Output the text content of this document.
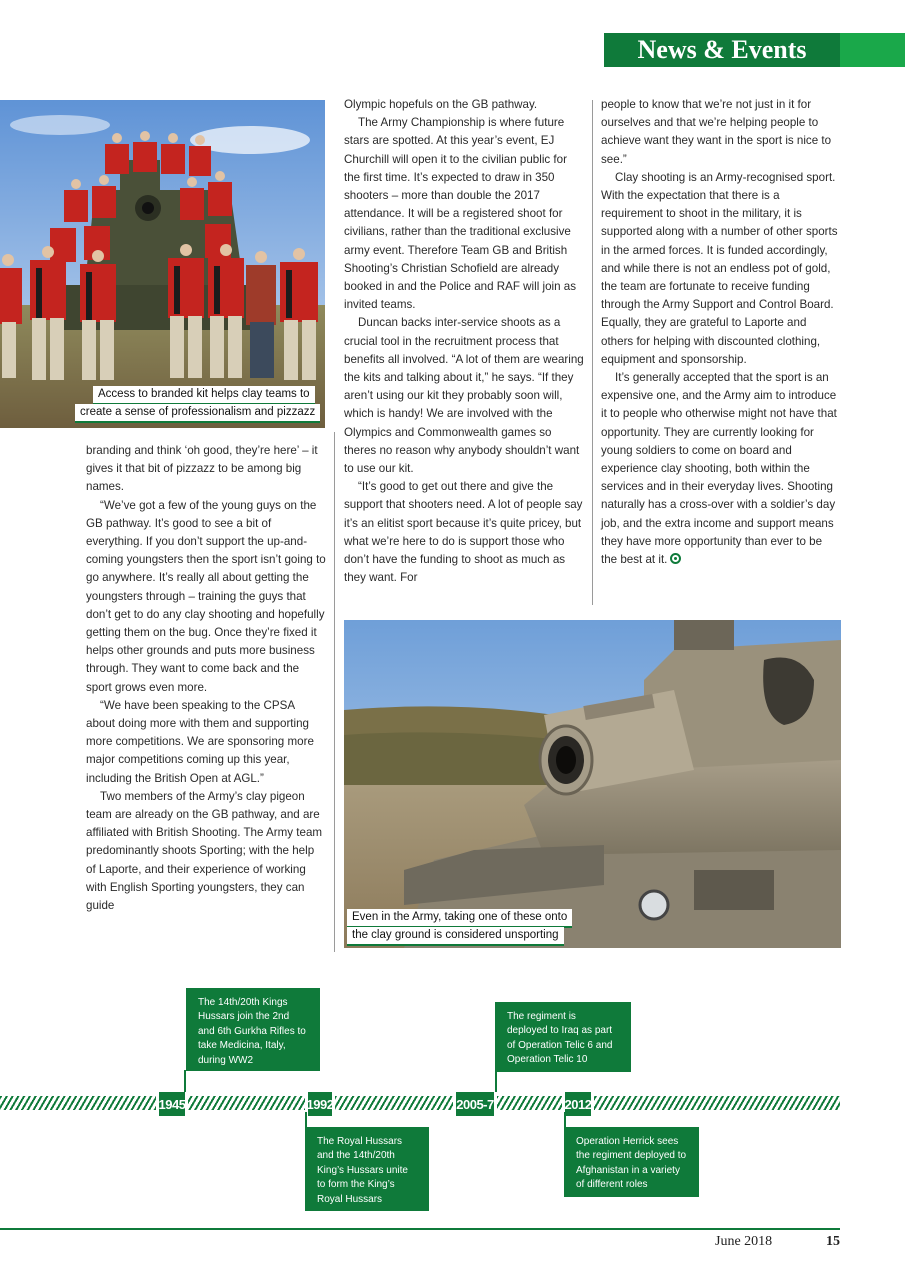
News & Events
Access to branded kit helps clay teams to
create a sense of professionalism and pizzazz

branding and think ‘oh good, they’re here’ – it gives it that bit of pizzazz to be among big names.

“We’ve got a few of the young guys on the GB pathway. It’s good to see a bit of everything. If you don’t support the up-and-coming youngsters then the sport isn’t going to go anywhere. It’s really all about getting the youngsters through – training the guys that don’t get to do any clay shooting and hopefully getting them on the bug. Once they’re fixed it helps other grounds and puts more business through. They want to come back and the sport grows even more.

“We have been speaking to the CPSA about doing more with them and supporting more competitions. We are sponsoring more major competitions coming up this year, including the British Open at AGL.”

Two members of the Army’s clay pigeon team are already on the GB pathway, and are affiliated with British Shooting. The Army team predominantly shoots Sporting; with the help of Laporte, and their experience of working with English Sporting youngsters, they can guide

Olympic hopefuls on the GB pathway.

The Army Championship is where future stars are spotted. At this year’s event, EJ Churchill will open it to the civilian public for the first time. It’s expected to draw in 350 shooters – more than double the 2017 attendance. It will be a registered shoot for civilians, rather than the traditional exclusive army event. Therefore Team GB and British Shooting’s Christian Schofield are already booked in and the Police and RAF will join as invited teams.

Duncan backs inter-service shoots as a crucial tool in the recruitment process that benefits all involved. “A lot of them are wearing the kits and talking about it,” he says. “If they aren’t using our kit they probably soon will, which is handy! We are involved with the Olympics and Commonwealth games so theres no reason why anybody shouldn’t want to use our kit.

“It’s good to get out there and give the support that shooters need. A lot of people say it’s an elitist sport because it’s quite pricey, but what we’re here to do is support those who don’t have the funding to shoot as much as they want. For

people to know that we’re not just in it for ourselves and that we’re helping people to achieve want they want in the sport is nice to see.”

Clay shooting is an Army-recognised sport. With the expectation that there is a requirement to shoot in the military, it is supported along with a number of other sports in the armed forces. It is funded accordingly, and while there is not an endless pot of gold, the team are fortunate to receive funding through the Army Support and Control Board. Equally, they are grateful to Laporte and others for helping with discounted clothing, equipment and sponsorship.

It’s generally accepted that the sport is an expensive one, and the Army aim to introduce it to people who otherwise might not have that opportunity. They are currently looking for young soldiers to come on board and experience clay shooting, both within the services and in their everyday lives. Shooting naturally has a cross-over with a soldier’s day job, and the extra income and support means they have more opportunity than ever to be the best at it.

Even in the Army, taking one of these onto
the clay ground is considered unsporting
The 14th/20th Kings Hussars join the 2nd and 6th Gurkha Rifles to take Medicina, Italy, during WW2
1945	1992
The Royal Hussars and the 14th/20th King’s Hussars unite to form the King’s Royal Hussars
The regiment is deployed to Iraq as part of Operation Telic 6 and Operation Telic 10
2005-7	2012
Operation Herrick sees the regiment deployed to Afghanistan in a variety of different roles
June 2018	15
